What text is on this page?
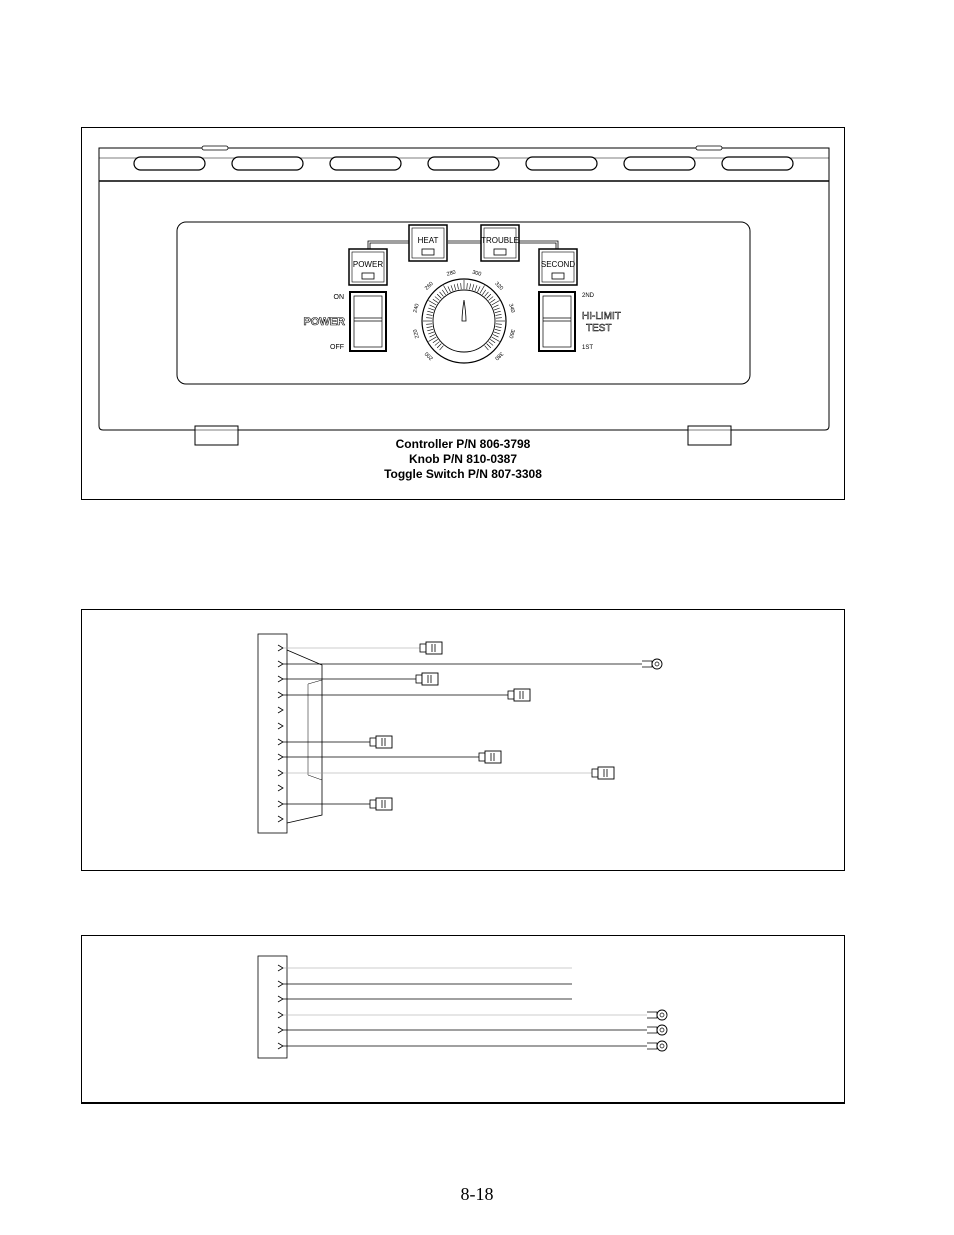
POWER
HEAT	TROUBLE
SECOND
ON
OFF
POWER
2ND
1ST
HI-LIMIT
TEST
200
220
240
260
280	300
320
340
360
380
Controller P/N 806-3798
Knob P/N 810-0387
Toggle Switch P/N 807-3308
8-18
